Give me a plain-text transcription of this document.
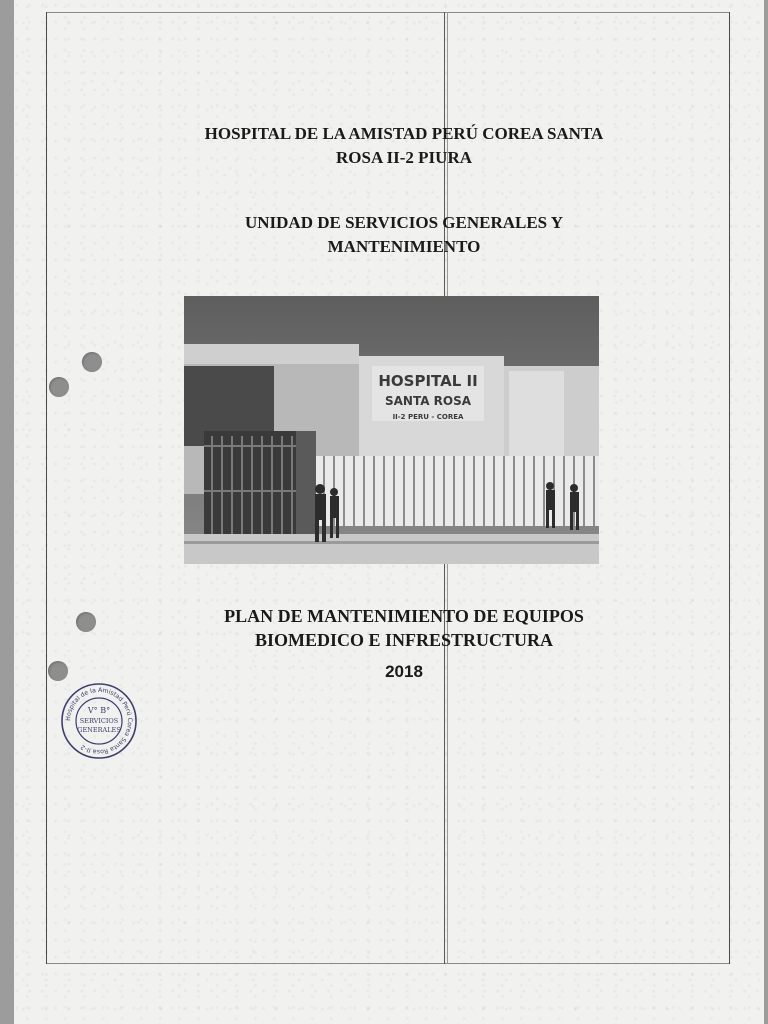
HOSPITAL DE LA AMISTAD PERÚ COREA SANTA
ROSA II-2 PIURA
UNIDAD DE SERVICIOS GENERALES Y
MANTENIMIENTO
HOSPITAL II
SANTA ROSA
II-2 PERU - COREA
PLAN DE MANTENIMIENTO DE EQUIPOS
BIOMEDICO E INFRESTRUCTURA
2018
Hospital de la Amistad Perú Corea Santa Rosa II-2
V° B°
SERVICIOS
GENERALES
